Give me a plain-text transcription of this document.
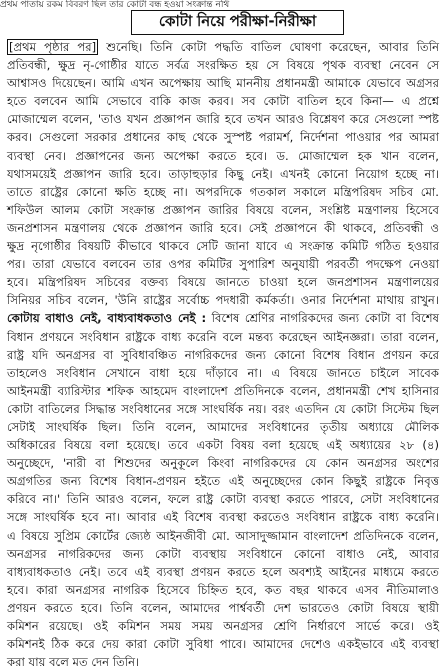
প্রথম পাতায় রকম বিবরণ ছিল তার কোটা বন্ধ হওয়া সংক্রান্ত নথি
কোটা নিয়ে পরীক্ষা-নিরীক্ষা
[প্রথম পৃষ্ঠার পর] শুনেছি। তিনি কোটা পদ্ধতি বাতিল ঘোষণা করেছেন, আবার তিনি
প্রতিবন্ধী, ক্ষুদ্র নৃ-গোষ্ঠীর যাতে সর্বত্র সংরক্ষিত হয় সে বিষয়ে পৃথক ব্যবস্থা নেবেন সে
আশ্বাসও দিয়েছেন। আমি এখন অপেক্ষায় আছি মাননীয় প্রধানমন্ত্রী আমাকে যেভাবে অগ্রসর
হতে বলবেন আমি সেভাবে বাকি কাজ করব। সব কোটা বাতিল হবে কিনা— এ প্রশ্নে
মোজাম্মেল বলেন, 'তাও যখন প্রজ্ঞাপন জারি হবে তখন আরও বিশ্লেষণ করে সেগুলো স্পষ্ট
করব। সেগুলো সরকার প্রধানের কাছ থেকে সুস্পষ্ট পরামর্শ, নির্দেশনা পাওয়ার পর আমরা
ব্যবস্থা নেব। প্রজ্ঞাপনের জন্য অপেক্ষা করতে হবে। ড. মোজাম্মেল হক খান বলেন,
যথাসময়েই প্রজ্ঞাপন জারি হবে। তাড়াহুড়ার কিছু নেই। এখনই কোনো নিয়োগ হচ্ছে না।
তাতে রাষ্ট্রের কোনো ক্ষতি হচ্ছে না। অপরদিকে গতকাল সকালে মন্ত্রিপরিষদ সচিব মো.
শফিউল আলম কোটা সংক্রান্ত প্রজ্ঞাপন জারির বিষয়ে বলেন, সংশ্লিষ্ট মন্ত্রণালয় হিসেবে
জনপ্রশাসন মন্ত্রণালয় থেকে প্রজ্ঞাপন জারি হবে। সেই প্রজ্ঞাপনে কী থাকবে, প্রতিবন্ধী ও
ক্ষুদ্র নৃগোষ্ঠীর বিষয়টি কীভাবে থাকবে সেটি জানা যাবে এ সংক্রান্ত কমিটি গঠিত হওয়ার
পর। তারা যেভাবে বলবেন তার ওপর কমিটির সুপারিশ অনুযায়ী পরবর্তী পদক্ষেপ নেওয়া
হবে। মন্ত্রিপরিষদ সচিবের বক্তব্য বিষয়ে জানতে চাওয়া হলে জনপ্রশাসন মন্ত্রণালয়ের
সিনিয়র সচিব বলেন, 'উনি রাষ্ট্রের সর্বোচ্চ পদধারী কর্মকর্তা। ওনার নির্দেশনা মাথায় রাখুন।
কোটায় বাধাও নেই, বাধ্যবাধকতাও নেই : বিশেষ শ্রেণির নাগরিকদের জন্য কোটা বা বিশেষ
বিধান প্রণয়নে সংবিধান রাষ্ট্রকে বাধ্য করেনি বলে মন্তব্য করেছেন আইনজ্ঞরা। তারা বলেন,
রাষ্ট্র যদি অনগ্রসর বা সুবিধাবঞ্চিত নাগরিকদের জন্য কোনো বিশেষ বিধান প্রণয়ন করে
তাহলেও সংবিধান সেখানে বাধা হয়ে দাঁড়াবে না। এ বিষয়ে জানতে চাইলে সাবেক
আইনমন্ত্রী ব্যারিস্টার শফিক আহমেদ বাংলাদেশ প্রতিদিনকে বলেন, প্রধানমন্ত্রী শেখ হাসিনার
কোটা বাতিলের সিদ্ধান্ত সংবিধানের সঙ্গে সাংঘর্ষিক নয়। বরং এতদিন যে কোটা সিস্টেম ছিল
সেটাই সাংঘর্ষিক ছিল। তিনি বলেন, আমাদের সংবিধানের তৃতীয় অধ্যায়ে মৌলিক
অধিকারের বিষয়ে বলা হয়েছে। তবে একটা বিষয় বলা হয়েছে এই অধ্যায়ের ২৮ (৪)
অনুচ্ছেদে, 'নারী বা শিশুদের অনুকূলে কিংবা নাগরিকদের যে কোন অনগ্রসর অংশের
অগ্রগতির জন্য বিশেষ বিধান-প্রণয়ন হইতে এই অনুচ্ছেদের কোন কিছুই রাষ্ট্রকে নিবৃত্ত
করিবে না।' তিনি আরও বলেন, ফলে রাষ্ট্র কোটা ব্যবস্থা করতে পারবে, সেটা সংবিধানের
সঙ্গে সাংঘর্ষিক হবে না। আবার এই বিশেষ ব্যবস্থা করতেও সংবিধান রাষ্ট্রকে বাধ্য করেনি।
এ বিষয়ে সুপ্রিম কোর্টের জ্যেষ্ঠ আইনজীবী মো. আসাদুজ্জামান বাংলাদেশ প্রতিদিনকে বলেন,
অনগ্রসর নাগরিকদের জন্য কোটা ব্যবস্থায় সংবিধানে কোনো বাধাও নেই, আবার
বাধ্যবাধকতাও নেই। তবে এই ব্যবস্থা প্রণয়ন করতে হলে অবশ্যই আইনের মাধ্যমে করতে
হবে। কারা অনগ্রসর নাগরিক হিসেবে চিহ্নিত হবে, কত বছর থাকবে এসব নীতিমালাও
প্রণয়ন করতে হবে। তিনি বলেন, আমাদের পার্শ্ববর্তী দেশ ভারতেও কোটা বিষয়ে স্থায়ী
কমিশন রয়েছে। ওই কমিশন সময় সময় অনগ্রসর শ্রেণি নির্ধারণে সার্ভে করে। ওই
কমিশনই ঠিক করে দেয় কারা কোটা সুবিধা পাবে। আমাদের দেশেও একইভাবে এই ব্যবস্থা
করা যায় বলে মত দেন তিনি।
